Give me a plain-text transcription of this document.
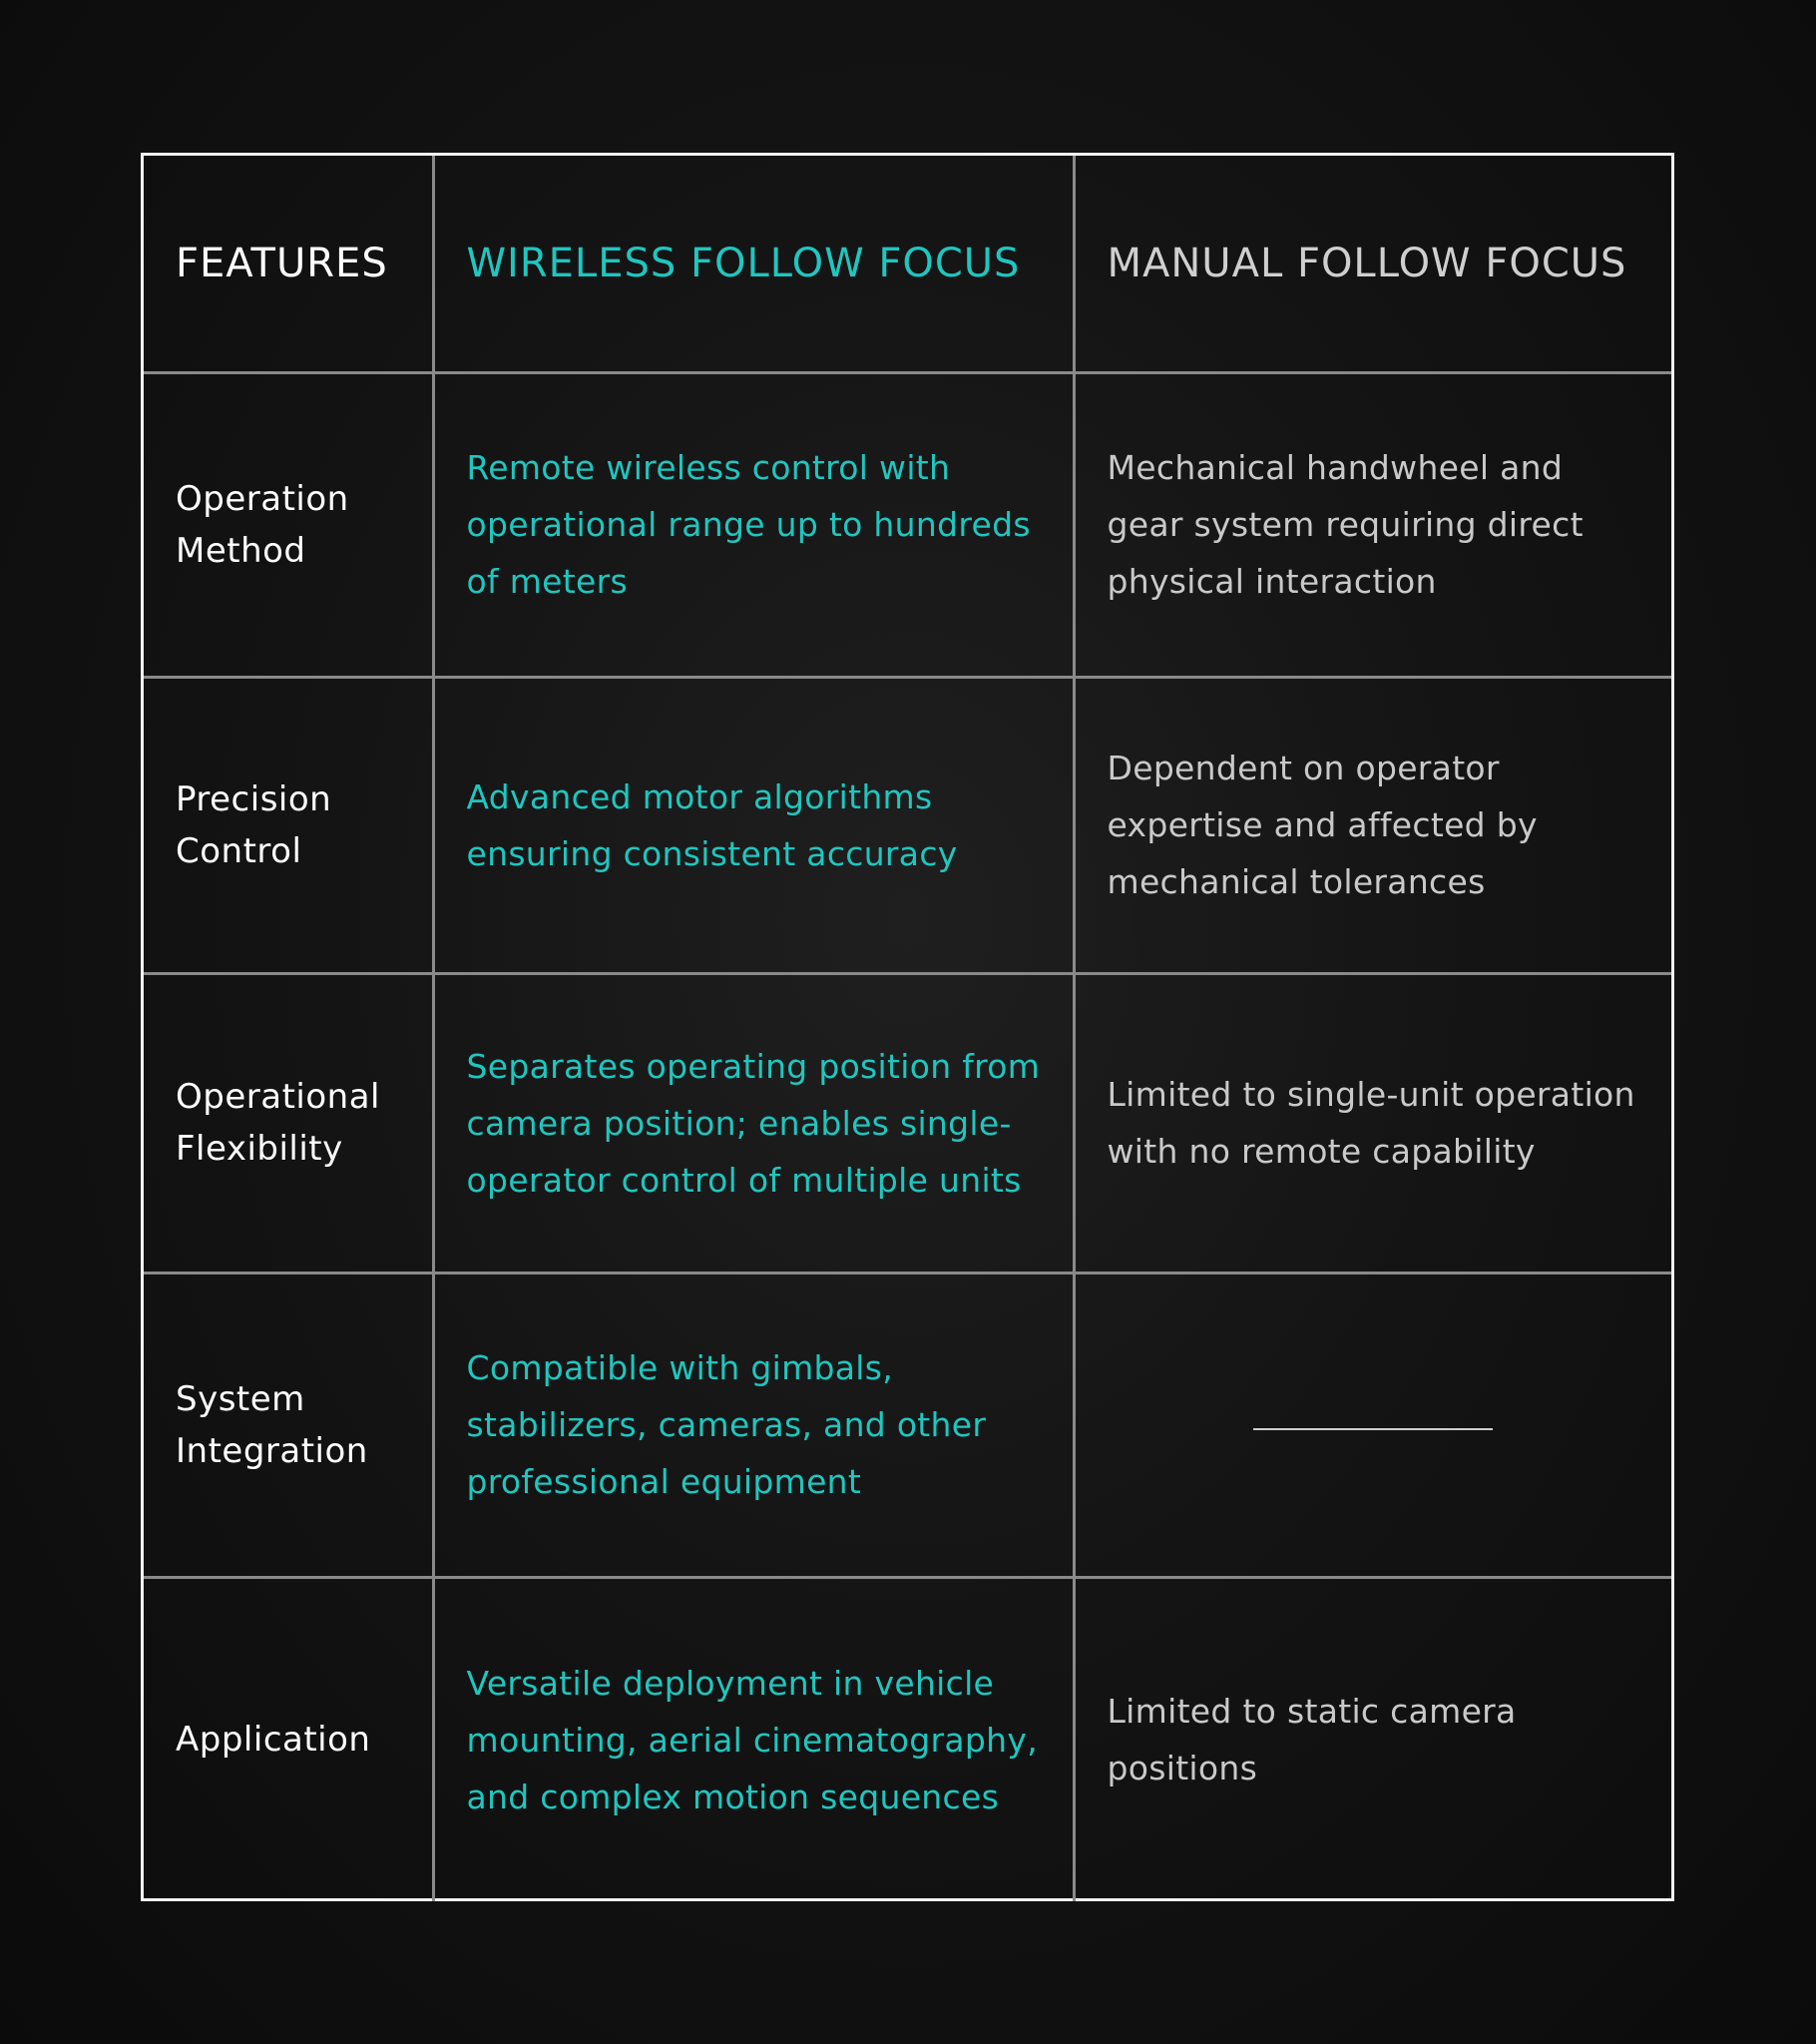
FEATURES	WIRELESS FOLLOW FOCUS	MANUAL FOLLOW FOCUS

Operation Method	Remote wireless control with operational range up to hundreds of meters	Mechanical handwheel and gear system requiring direct physical interaction

Precision Control	Advanced motor algorithms ensuring consistent accuracy	Dependent on operator expertise and affected by mechanical tolerances

Operational Flexibility	Separates operating position from camera position; enables single-operator control of multiple units	Limited to single-unit operation with no remote capability

System Integration	Compatible with gimbals, stabilizers, cameras, and other professional equipment	

Application	Versatile deployment in vehicle mounting, aerial cinematography, and complex motion sequences	Limited to static camera positions
